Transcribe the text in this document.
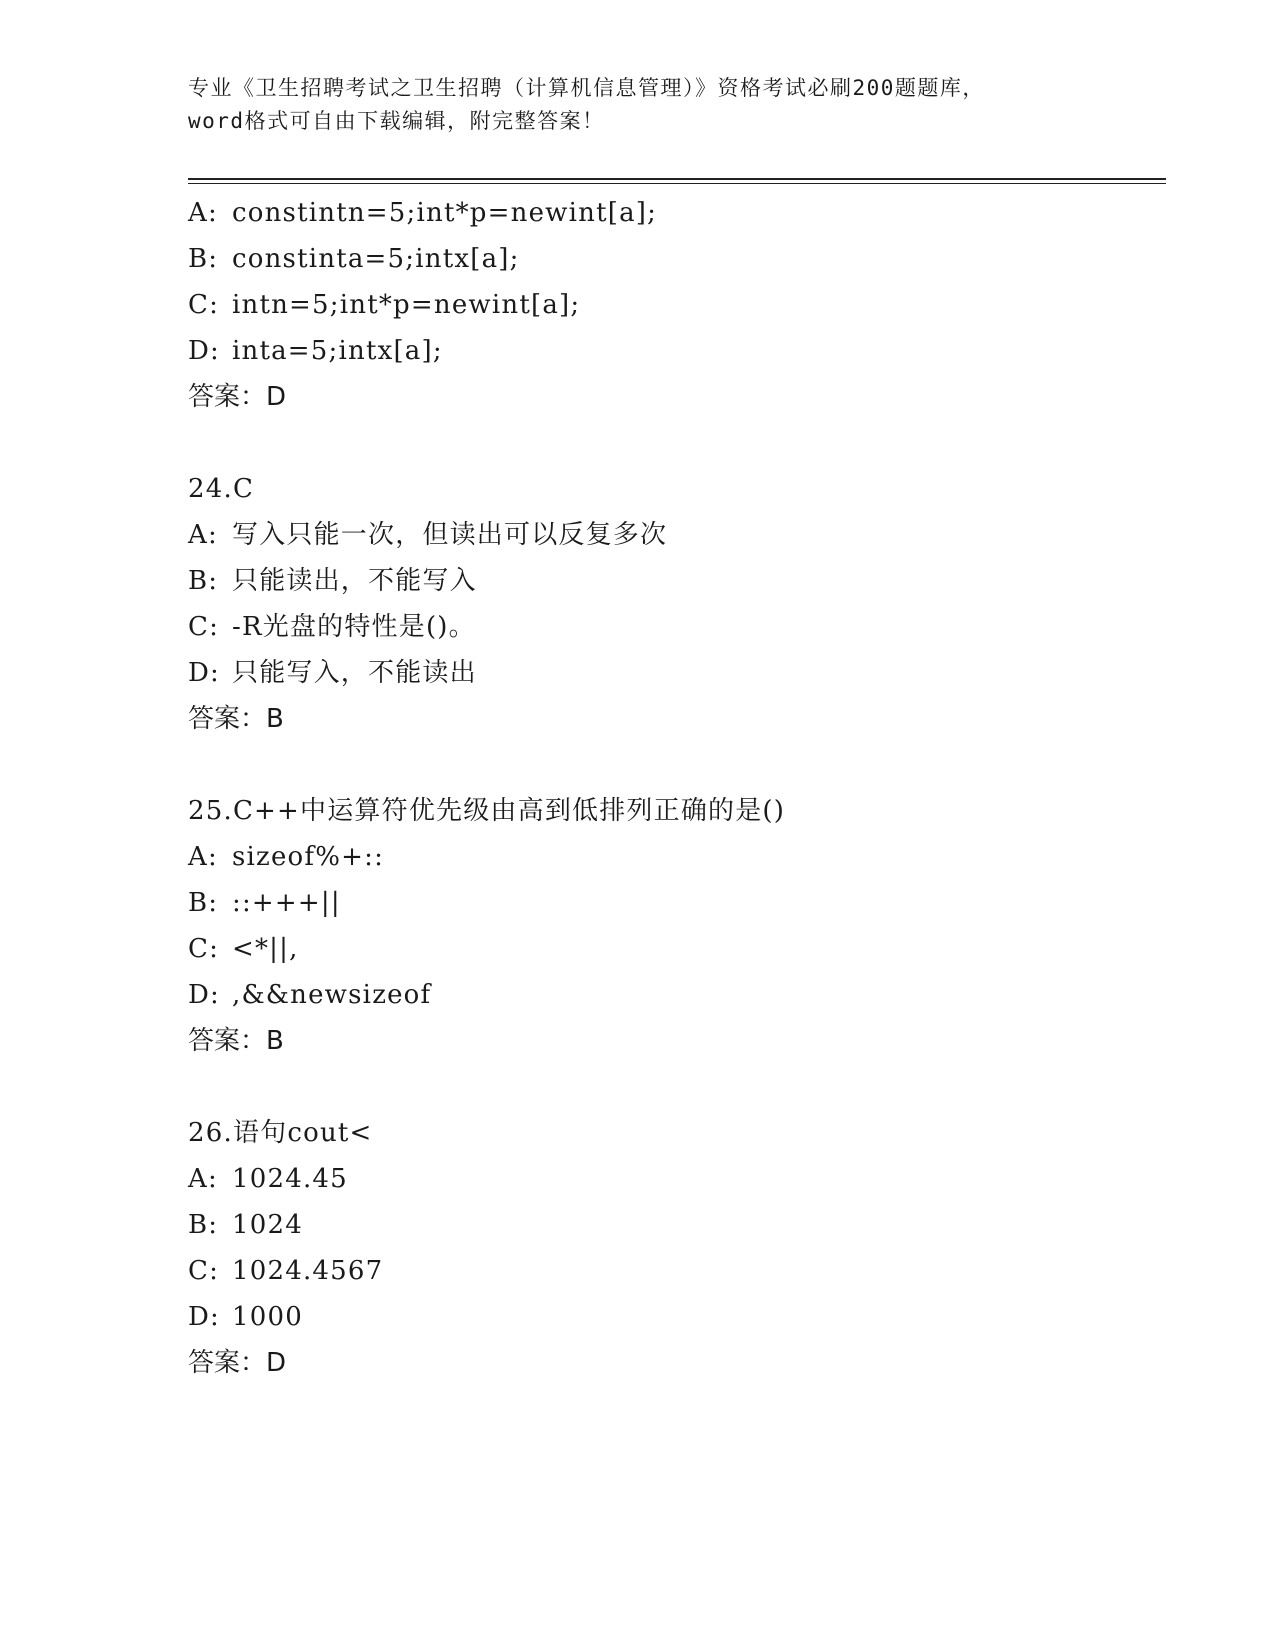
专业《卫生招聘考试之卫生招聘（计算机信息管理）》资格考试必刷200题题库，
word格式可自由下载编辑，附完整答案！
A: constintn=5;int*p=newint[a];
B: constinta=5;intx[a];
C: intn=5;int*p=newint[a];
D: inta=5;intx[a];
答案：D
24.C
A: 写入只能一次，但读出可以反复多次
B: 只能读出，不能写入
C: -R光盘的特性是()。
D: 只能写入，不能读出
答案：B
25.C++中运算符优先级由高到低排列正确的是()
A: sizeof%+::
B: ::+++||
C: <*||,
D: ,&&newsizeof
答案：B
26.语句cout<
A: 1024.45
B: 1024
C: 1024.4567
D: 1000
答案：D
